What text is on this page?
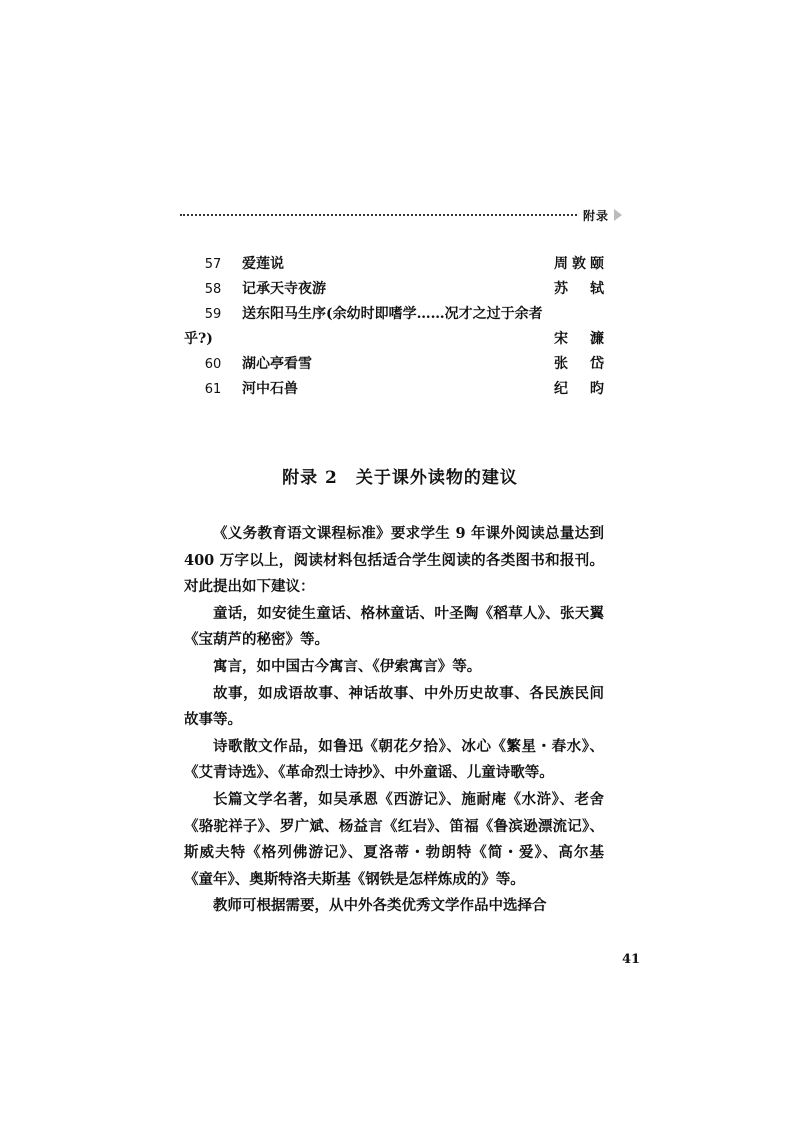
附录
57	爱莲说	周敦颐
58	记承天寺夜游	苏轼
59	送东阳马生序(余幼时即嗜学……况才之过于余者
乎?)	宋濂
60	湖心亭看雪	张岱
61	河中石兽	纪昀
附录 2　关于课外读物的建议

《义务教育语文课程标准》要求学生 9 年课外阅读总量达到 400 万字以上，阅读材料包括适合学生阅读的各类图书和报刊。对此提出如下建议：

童话，如安徒生童话、格林童话、叶圣陶《稻草人》、张天翼《宝葫芦的秘密》等。

寓言，如中国古今寓言、《伊索寓言》等。

故事，如成语故事、神话故事、中外历史故事、各民族民间故事等。

诗歌散文作品，如鲁迅《朝花夕拾》、冰心《繁星・春水》、《艾青诗选》、《革命烈士诗抄》、中外童谣、儿童诗歌等。

长篇文学名著，如吴承恩《西游记》、施耐庵《水浒》、老舍《骆驼祥子》、罗广斌、杨益言《红岩》、笛福《鲁滨逊漂流记》、斯威夫特《格列佛游记》、夏洛蒂・勃朗特《简・爱》、高尔基《童年》、奥斯特洛夫斯基《钢铁是怎样炼成的》等。

教师可根据需要，从中外各类优秀文学作品中选择合

41
